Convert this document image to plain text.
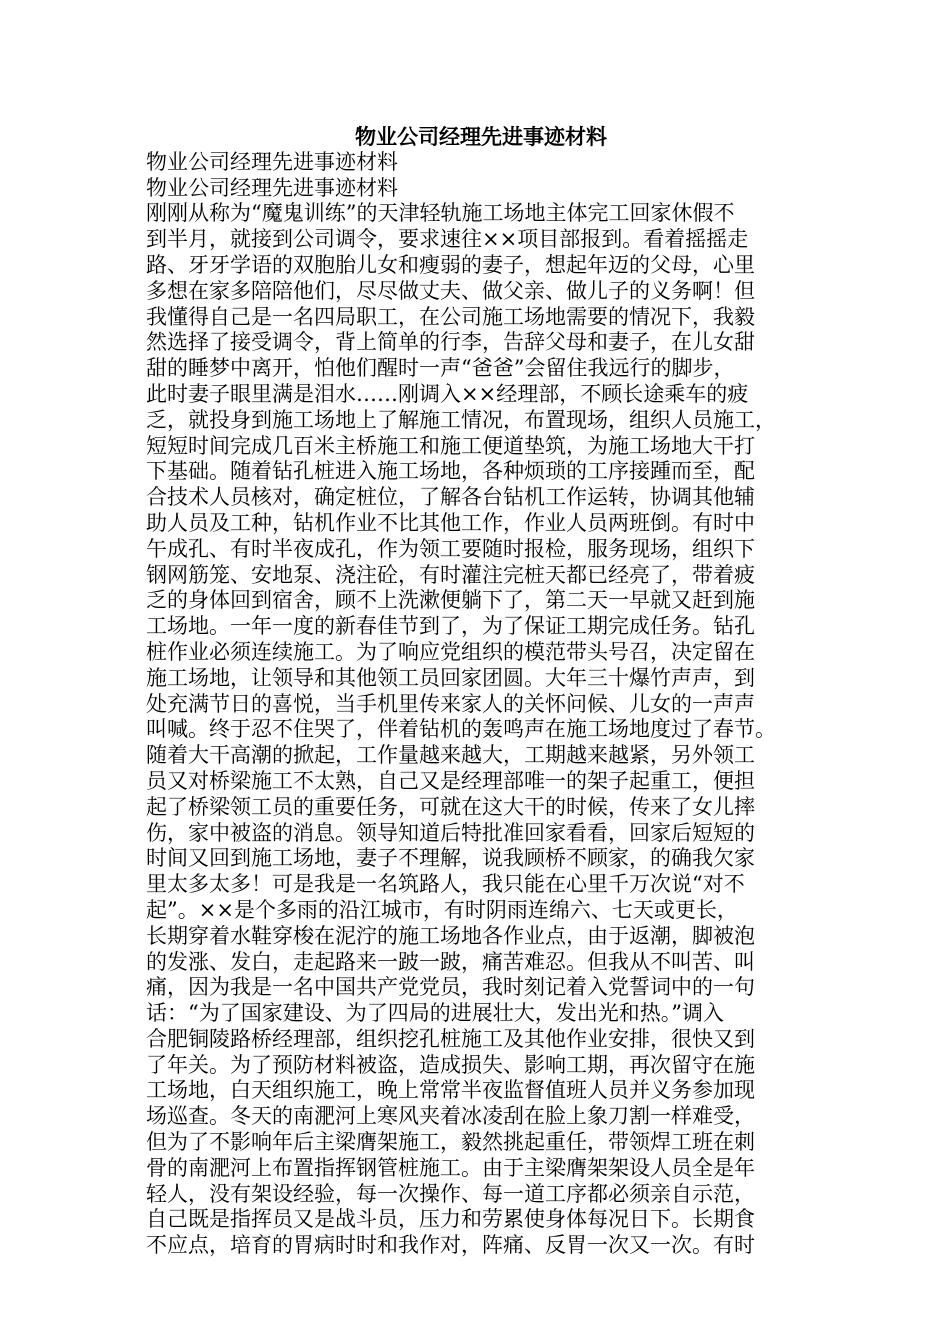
物业公司经理先进事迹材料

物业公司经理先进事迹材料

物业公司经理先进事迹材料

刚刚从称为“魔鬼训练”的天津轻轨施工场地主体完工回家休假不

到半月，就接到公司调令，要求速往××项目部报到。看着摇摇走

路、牙牙学语的双胞胎儿女和瘦弱的妻子，想起年迈的父母，心里

多想在家多陪陪他们，尽尽做丈夫、做父亲、做儿子的义务啊！但

我懂得自己是一名四局职工，在公司施工场地需要的情况下，我毅

然选择了接受调令，背上简单的行李，告辞父母和妻子，在儿女甜

甜的睡梦中离开，怕他们醒时一声“爸爸”会留住我远行的脚步，

此时妻子眼里满是泪水……刚调入××经理部，不顾长途乘车的疲

乏，就投身到施工场地上了解施工情况，布置现场，组织人员施工，

短短时间完成几百米主桥施工和施工便道垫筑，为施工场地大干打

下基础。随着钻孔桩进入施工场地，各种烦琐的工序接踵而至，配

合技术人员核对，确定桩位，了解各台钻机工作运转，协调其他辅

助人员及工种，钻机作业不比其他工作，作业人员两班倒。有时中

午成孔、有时半夜成孔，作为领工要随时报检，服务现场，组织下

钢网筋笼、安地泵、浇注砼，有时灌注完桩天都已经亮了，带着疲

乏的身体回到宿舍，顾不上洗漱便躺下了，第二天一早就又赶到施

工场地。一年一度的新春佳节到了，为了保证工期完成任务。钻孔

桩作业必须连续施工。为了响应党组织的模范带头号召，决定留在

施工场地，让领导和其他领工员回家团圆。大年三十爆竹声声，到

处充满节日的喜悦，当手机里传来家人的关怀问候、儿女的一声声

叫喊。终于忍不住哭了，伴着钻机的轰鸣声在施工场地度过了春节。

随着大干高潮的掀起，工作量越来越大，工期越来越紧，另外领工

员又对桥梁施工不太熟，自己又是经理部唯一的架子起重工，便担

起了桥梁领工员的重要任务，可就在这大干的时候，传来了女儿摔

伤，家中被盗的消息。领导知道后特批准回家看看，回家后短短的

时间又回到施工场地，妻子不理解，说我顾桥不顾家，的确我欠家

里太多太多！可是我是一名筑路人，我只能在心里千万次说“对不

起”。××是个多雨的沿江城市，有时阴雨连绵六、七天或更长，

长期穿着水鞋穿梭在泥泞的施工场地各作业点，由于返潮，脚被泡

的发涨、发白，走起路来一跛一跛，痛苦难忍。但我从不叫苦、叫

痛，因为我是一名中国共产党党员，我时刻记着入党誓词中的一句

话：“为了国家建设、为了四局的进展壮大，发出光和热。”调入

合肥铜陵路桥经理部，组织挖孔桩施工及其他作业安排，很快又到

了年关。为了预防材料被盗，造成损失、影响工期，再次留守在施

工场地，白天组织施工，晚上常常半夜监督值班人员并义务参加现

场巡查。冬天的南淝河上寒风夹着冰凌刮在脸上象刀割一样难受，

但为了不影响年后主梁膺架施工，毅然挑起重任，带领焊工班在刺

骨的南淝河上布置指挥钢管桩施工。由于主梁膺架架设人员全是年

轻人，没有架设经验，每一次操作、每一道工序都必须亲自示范，

自己既是指挥员又是战斗员，压力和劳累使身体每况日下。长期食

不应点，培育的胃病时时和我作对，阵痛、反胃一次又一次。有时
